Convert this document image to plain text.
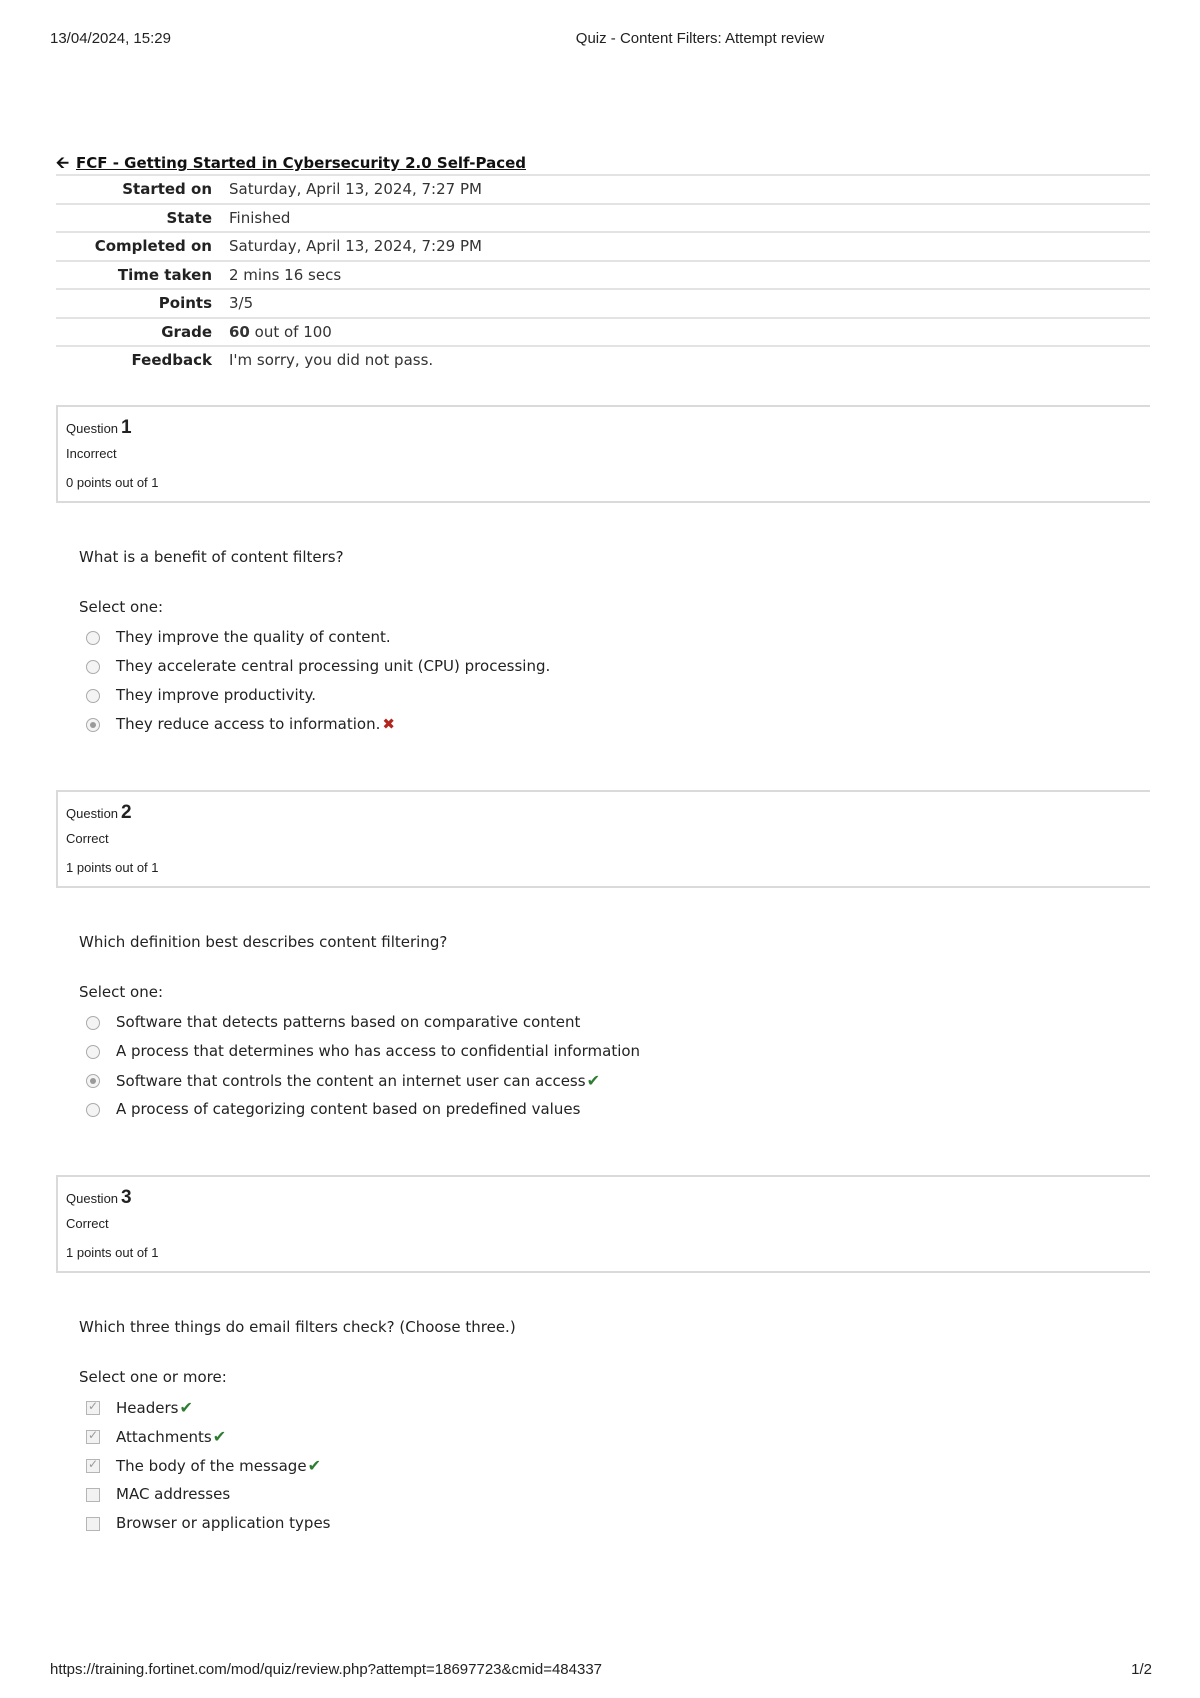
13/04/2024, 15:29	Quiz - Content Filters: Attempt review
🡨 FCF - Getting Started in Cybersecurity 2.0 Self-Paced
Started on Saturday, April 13, 2024, 7:27 PM
State Finished
Completed on Saturday, April 13, 2024, 7:29 PM
Time taken 2 mins 16 secs
Points 3/5
Grade 60 out of 100
Feedback I'm sorry, you did not pass.
Question 1
Incorrect
0 points out of 1
What is a benefit of content filters?
Select one:
They improve the quality of content.
They accelerate central processing unit (CPU) processing.
They improve productivity.
They reduce access to information. ✖
Question 2
Correct
1 points out of 1
Which definition best describes content filtering?
Select one:
Software that detects patterns based on comparative content
A process that determines who has access to confidential information
Software that controls the content an internet user can access✔
A process of categorizing content based on predefined values
Question 3
Correct
1 points out of 1
Which three things do email filters check? (Choose three.)
Select one or more:
✓
Headers✔
✓
Attachments✔
✓
The body of the message✔
MAC addresses
Browser or application types
https://training.fortinet.com/mod/quiz/review.php?attempt=18697723&cmid=484337	1/2
